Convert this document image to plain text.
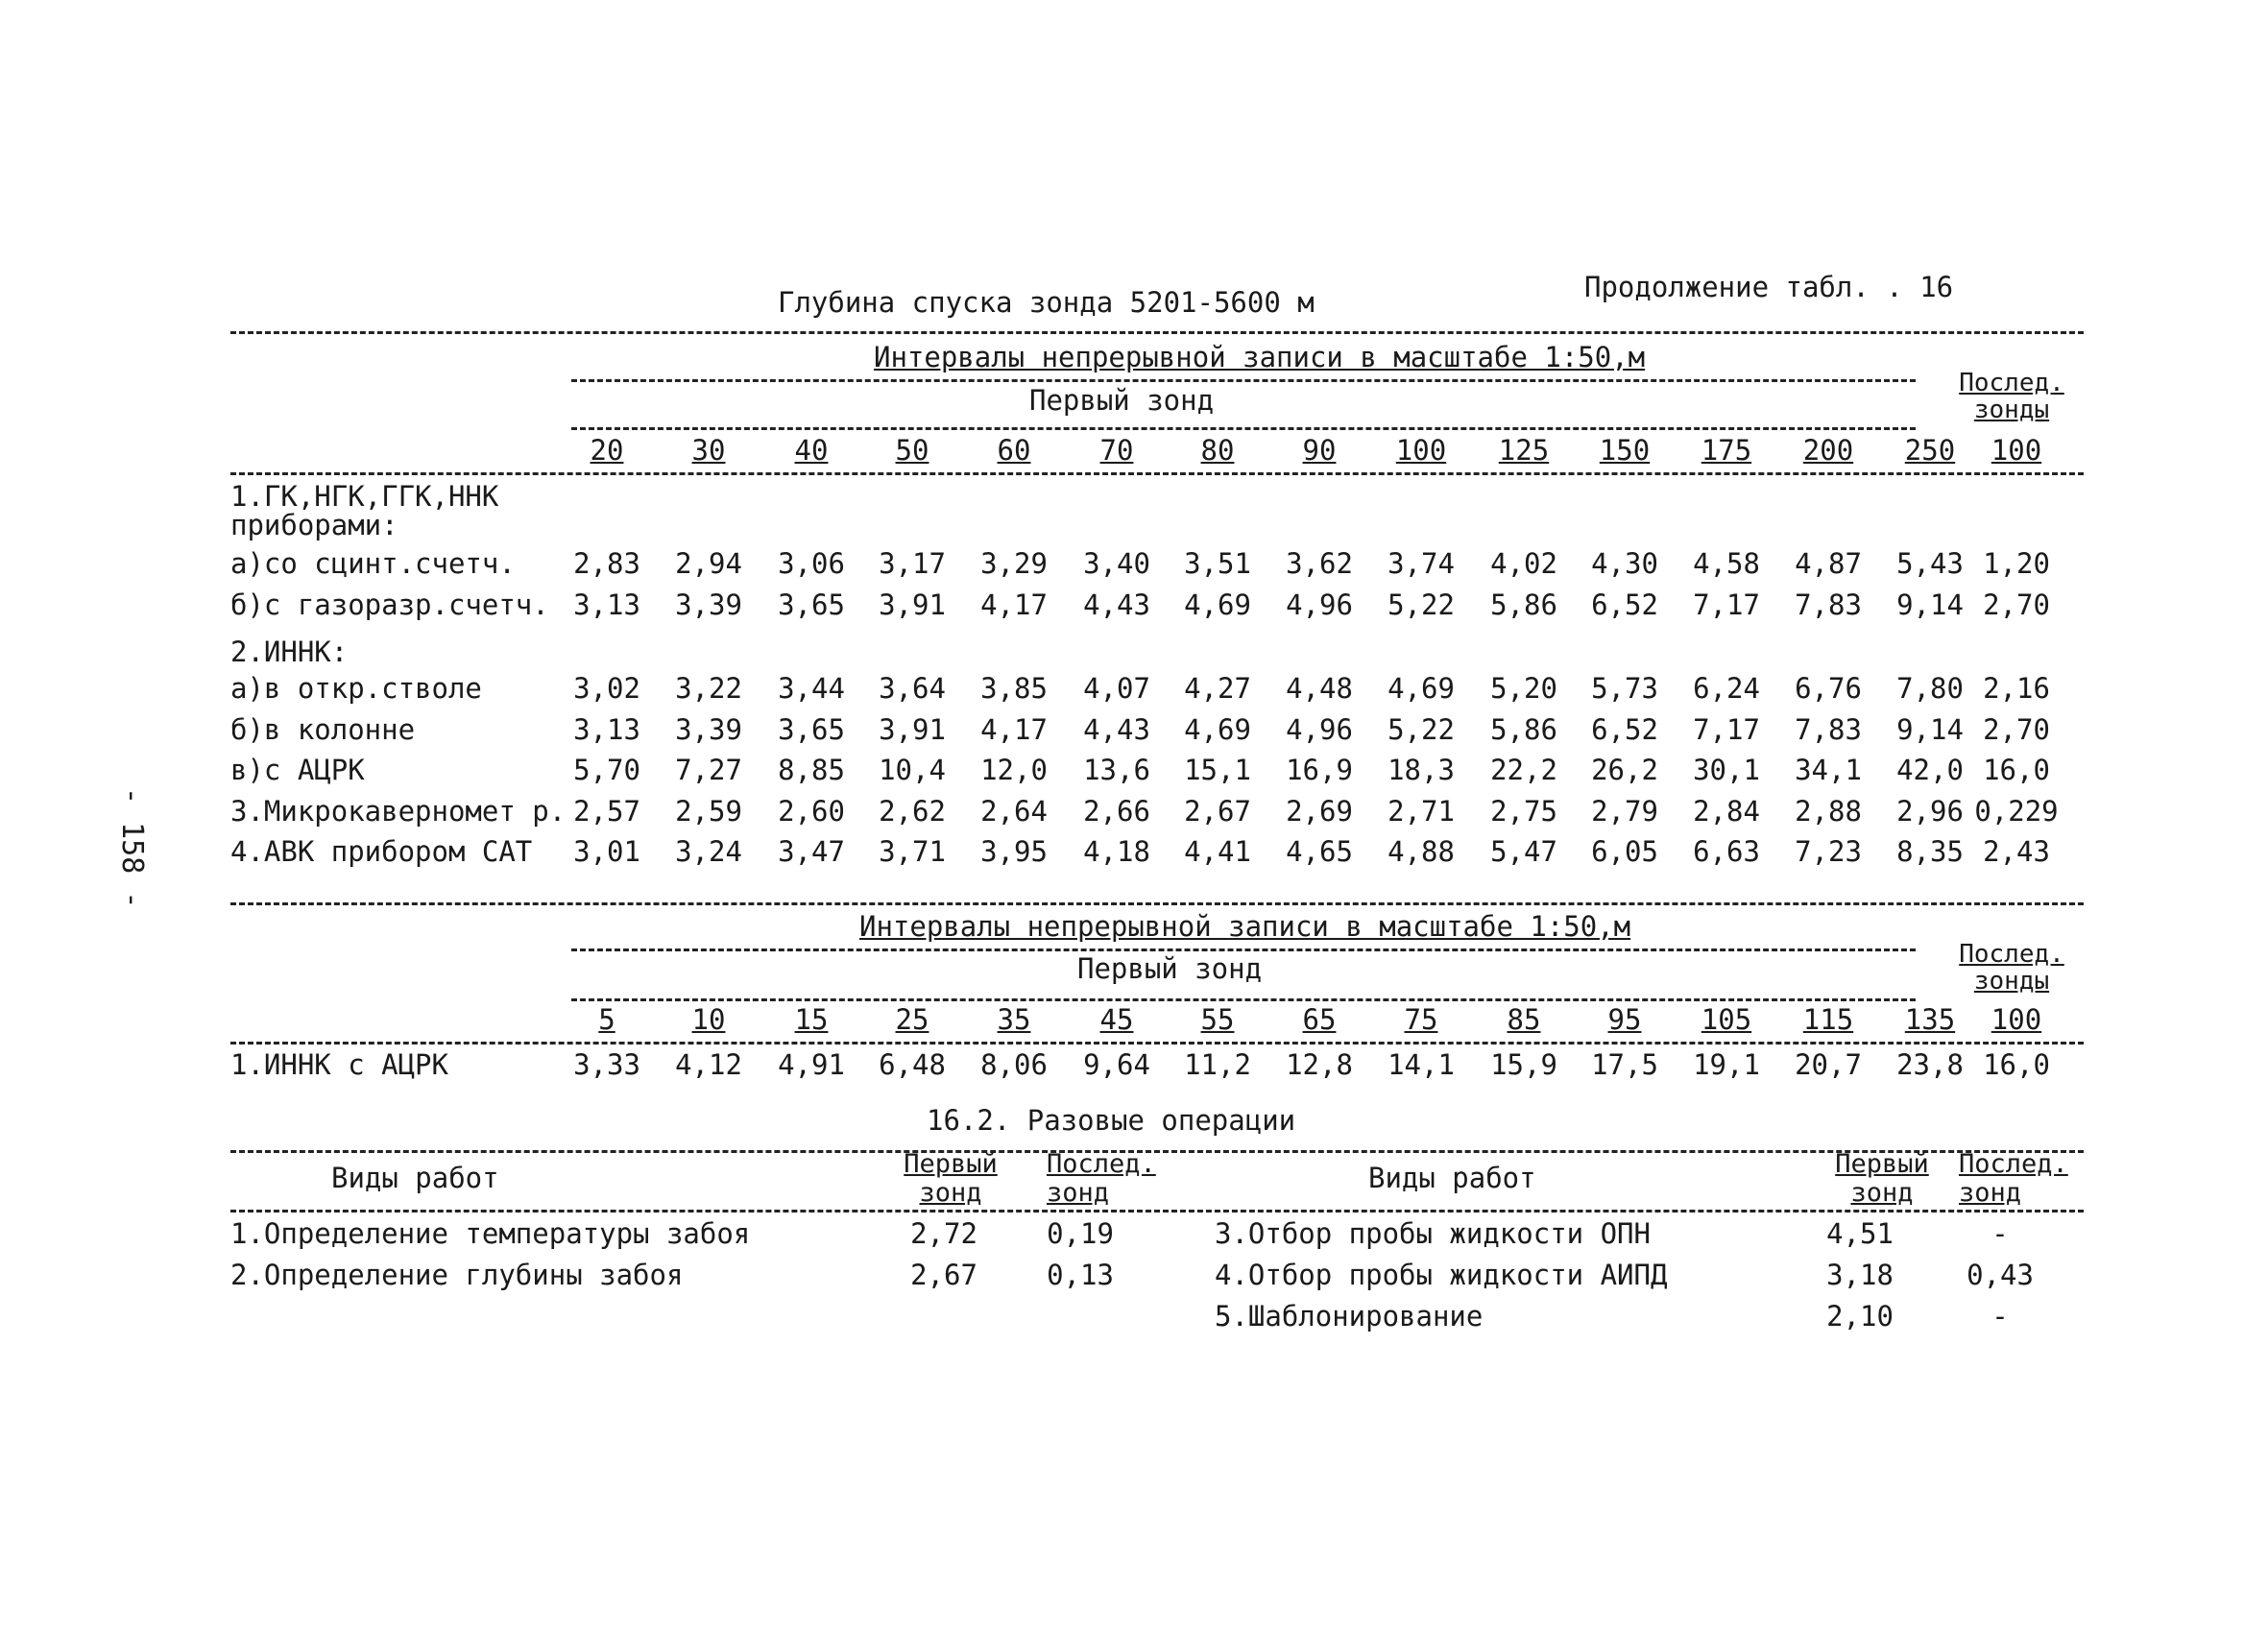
- 158 -
Глубина спуска зонда 5201-5600 м	Продолжение табл. . 16
Интервалы непрерывной записи в масштабе 1:50,м
Первый зонд
Послед. зонды
20	30	40	50	60	70	80	90	100	125	150	175	200	250	100
1.ГК,НГК,ГГК,ННК
приборами:
а)со сцинт.счетч.	2,83	2,94	3,06	3,17	3,29	3,40	3,51	3,62	3,74	4,02	4,30	4,58	4,87	5,43 1,20
б)с газоразр.счетч. 3,13	3,39	3,65	3,91	4,17	4,43	4,69	4,96	5,22	5,86	6,52	7,17	7,83	9,14 2,70
2.ИННК:
а)в откр.стволе	3,02	3,22	3,44	3,64	3,85	4,07	4,27	4,48	4,69	5,20	5,73	6,24	6,76	7,80 2,16
б)в колонне	3,13	3,39	3,65	3,91	4,17	4,43	4,69	4,96	5,22	5,86	6,52	7,17	7,83	9,14 2,70
в)с АЦРК	5,70	7,27	8,85	10,4	12,0	13,6	15,1	16,9	18,3	22,2	26,2	30,1	34,1	42,0 16,0
3.Микрокаверномет р. 2,57	2,59	2,60	2,62	2,64	2,66	2,67	2,69	2,71	2,75	2,79	2,84	2,88	2,96 0,229
4.АВК прибором САТ	3,01	3,24	3,47	3,71	3,95	4,18	4,41	4,65	4,88	5,47	6,05	6,63	7,23	8,35 2,43
Интервалы непрерывной записи в масштабе 1:50,м
Первый зонд	Послед. зонды
5	10	15	25	35	45	55	65	75	85	95	105	115	135	100
1.ИННК с АЦРК	3,33	4,12	4,91	6,48	8,06	9,64	11,2	12,8	14,1	15,9	17,5	19,1	20,7	23,8 16,0
16.2. Разовые операции
Виды работ	Первый зонд
Послед. зонд	Виды работ	Первый зонд
Послед. зонд
1.Определение температуры забоя	2,72	0,19
2.Определение глубины забоя	2,67	0,13
3.Отбор пробы жидкости ОПН	4,51	-
4.Отбор пробы жидкости АИПД	3,18	0,43
5.Шаблонирование	2,10	-
